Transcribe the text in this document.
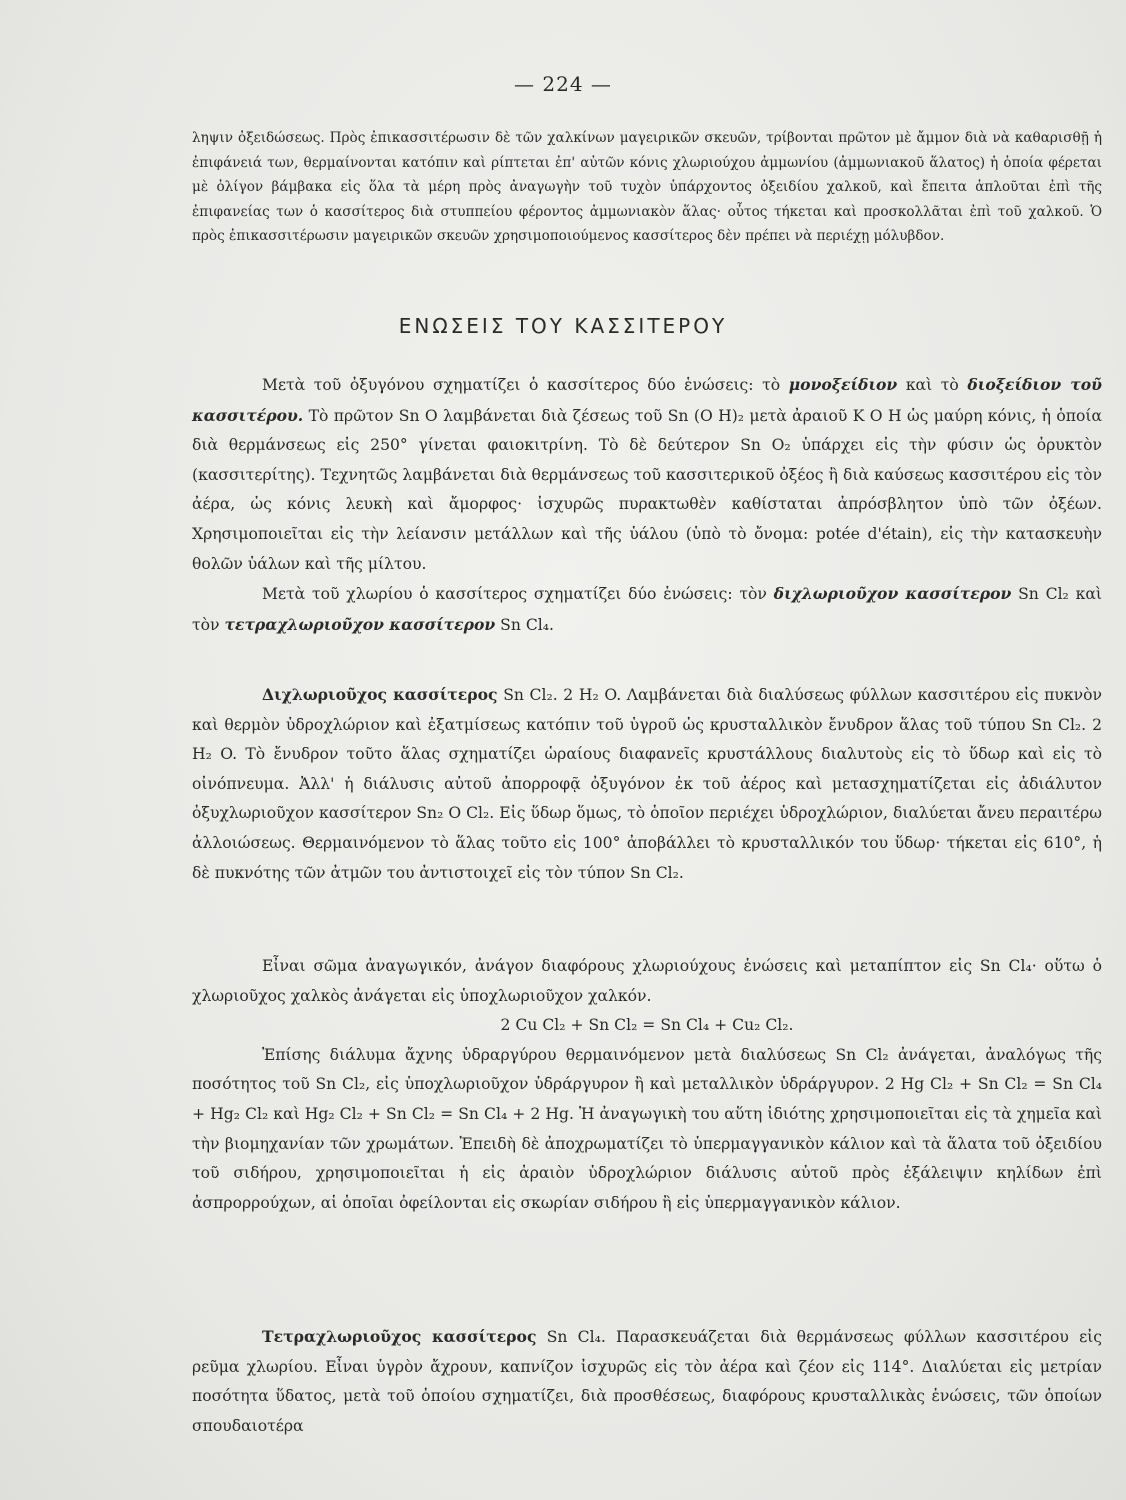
— 224 —
ληψιν ὀξειδώσεως. Πρὸς ἐπικασσιτέρωσιν δὲ τῶν χαλκίνων μαγειρικῶν σκευῶν, τρίβονται πρῶτον μὲ ἄμμον διὰ νὰ καθαρισθῇ ἡ ἐπιφάνειά των, θερμαίνονται κατόπιν καὶ ρίπτεται ἐπ' αὐτῶν κόνις χλωριούχου ἀμμωνίου (ἀμμωνιακοῦ ἅλατος) ἡ ὁποία φέρεται μὲ ὀλίγον βάμβακα εἰς ὅλα τὰ μέρη πρὸς ἀναγωγὴν τοῦ τυχὸν ὑπάρχοντος ὀξειδίου χαλκοῦ, καὶ ἔπειτα ἁπλοῦται ἐπὶ τῆς ἐπιφανείας των ὁ κασσίτερος διὰ στυππείου φέροντος ἀμμωνιακὸν ἅλας· οὗτος τήκεται καὶ προσκολλᾶται ἐπὶ τοῦ χαλκοῦ. Ὁ πρὸς ἐπικασσιτέρωσιν μαγειρικῶν σκευῶν χρησιμοποιούμενος κασσίτερος δὲν πρέπει νὰ περιέχῃ μόλυβδον.
ΕΝΩΣΕΙΣ ΤΟΥ ΚΑΣΣΙΤΕΡΟΥ

Μετὰ τοῦ ὀξυγόνου σχηματίζει ὁ κασσίτερος δύο ἑνώσεις: τὸ μονοξείδιον καὶ τὸ διοξείδιον τοῦ κασσιτέρου. Τὸ πρῶτον Sn O λαμβάνεται διὰ ζέσεως τοῦ Sn (O H)₂ μετὰ ἀραιοῦ K O H ὡς μαύρη κόνις, ἡ ὁποία διὰ θερμάνσεως εἰς 250° γίνεται φαιοκιτρίνη. Τὸ δὲ δεύτερον Sn O₂ ὑπάρχει εἰς τὴν φύσιν ὡς ὀρυκτὸν (κασσιτερίτης). Τεχνητῶς λαμβάνεται διὰ θερμάνσεως τοῦ κασσιτερικοῦ ὀξέος ἢ διὰ καύσεως κασσιτέρου εἰς τὸν ἀέρα, ὡς κόνις λευκὴ καὶ ἄμορφος· ἰσχυρῶς πυρακτωθὲν καθίσταται ἀπρόσβλητον ὑπὸ τῶν ὀξέων. Χρησιμοποιεῖται εἰς τὴν λείανσιν μετάλλων καὶ τῆς ὑάλου (ὑπὸ τὸ ὄνομα: potée d'étain), εἰς τὴν κατασκευὴν θολῶν ὑάλων καὶ τῆς μίλτου.

Μετὰ τοῦ χλωρίου ὁ κασσίτερος σχηματίζει δύο ἑνώσεις: τὸν διχλωριοῦχον κασσίτερον Sn Cl₂ καὶ τὸν τετραχλωριοῦχον κασσίτερον Sn Cl₄.

Διχλωριοῦχος κασσίτερος Sn Cl₂. 2 H₂ O. Λαμβάνεται διὰ διαλύσεως φύλλων κασσιτέρου εἰς πυκνὸν καὶ θερμὸν ὑδροχλώριον καὶ ἐξατμίσεως κατόπιν τοῦ ὑγροῦ ὡς κρυσταλλικὸν ἔνυδρον ἅλας τοῦ τύπου Sn Cl₂. 2 H₂ O. Τὸ ἔνυδρον τοῦτο ἅλας σχηματίζει ὡραίους διαφανεῖς κρυστάλλους διαλυτοὺς εἰς τὸ ὕδωρ καὶ εἰς τὸ οἰνόπνευμα. Ἀλλ' ἡ διάλυσις αὐτοῦ ἀπορροφᾷ ὀξυγόνον ἐκ τοῦ ἀέρος καὶ μετασχηματίζεται εἰς ἀδιάλυτον ὀξυχλωριοῦχον κασσίτερον Sn₂ O Cl₂. Εἰς ὕδωρ ὅμως, τὸ ὁποῖον περιέχει ὑδροχλώριον, διαλύεται ἄνευ περαιτέρω ἀλλοιώσεως. Θερμαινόμενον τὸ ἅλας τοῦτο εἰς 100° ἀποβάλλει τὸ κρυσταλλικόν του ὕδωρ· τήκεται εἰς 610°, ἡ δὲ πυκνότης τῶν ἀτμῶν του ἀντιστοιχεῖ εἰς τὸν τύπον Sn Cl₂.

Εἶναι σῶμα ἀναγωγικόν, ἀνάγον διαφόρους χλωριούχους ἑνώσεις καὶ μεταπίπτον εἰς Sn Cl₄· οὕτω ὁ χλωριοῦχος χαλκὸς ἀνάγεται εἰς ὑποχλωριοῦχον χαλκόν.

2 Cu Cl₂ + Sn Cl₂ = Sn Cl₄ + Cu₂ Cl₂.

Ἐπίσης διάλυμα ἄχνης ὑδραργύρου θερμαινόμενον μετὰ διαλύσεως Sn Cl₂ ἀνάγεται, ἀναλόγως τῆς ποσότητος τοῦ Sn Cl₂, εἰς ὑποχλωριοῦχον ὑδράργυρον ἢ καὶ μεταλλικὸν ὑδράργυρον. 2 Hg Cl₂ + Sn Cl₂ = Sn Cl₄ + Hg₂ Cl₂ καὶ Hg₂ Cl₂ + Sn Cl₂ = Sn Cl₄ + 2 Hg. Ἡ ἀναγωγικὴ του αὕτη ἰδιότης χρησιμοποιεῖται εἰς τὰ χημεῖα καὶ τὴν βιομηχανίαν τῶν χρωμάτων. Ἐπειδὴ δὲ ἀποχρωματίζει τὸ ὑπερμαγγανικὸν κάλιον καὶ τὰ ἅλατα τοῦ ὀξειδίου τοῦ σιδήρου, χρησιμοποιεῖται ἡ εἰς ἀραιὸν ὑδροχλώριον διάλυσις αὐτοῦ πρὸς ἐξάλειψιν κηλίδων ἐπὶ ἀσπρορρούχων, αἱ ὁποῖαι ὀφείλονται εἰς σκωρίαν σιδήρου ἢ εἰς ὑπερμαγγανικὸν κάλιον.

Τετραχλωριοῦχος κασσίτερος Sn Cl₄. Παρασκευάζεται διὰ θερμάνσεως φύλλων κασσιτέρου εἰς ρεῦμα χλωρίου. Εἶναι ὑγρὸν ἄχρουν, καπνίζον ἰσχυρῶς εἰς τὸν ἀέρα καὶ ζέον εἰς 114°. Διαλύεται εἰς μετρίαν ποσότητα ὕδατος, μετὰ τοῦ ὁποίου σχηματίζει, διὰ προσθέσεως, διαφόρους κρυσταλλικὰς ἑνώσεις, τῶν ὁποίων σπουδαιοτέρα
